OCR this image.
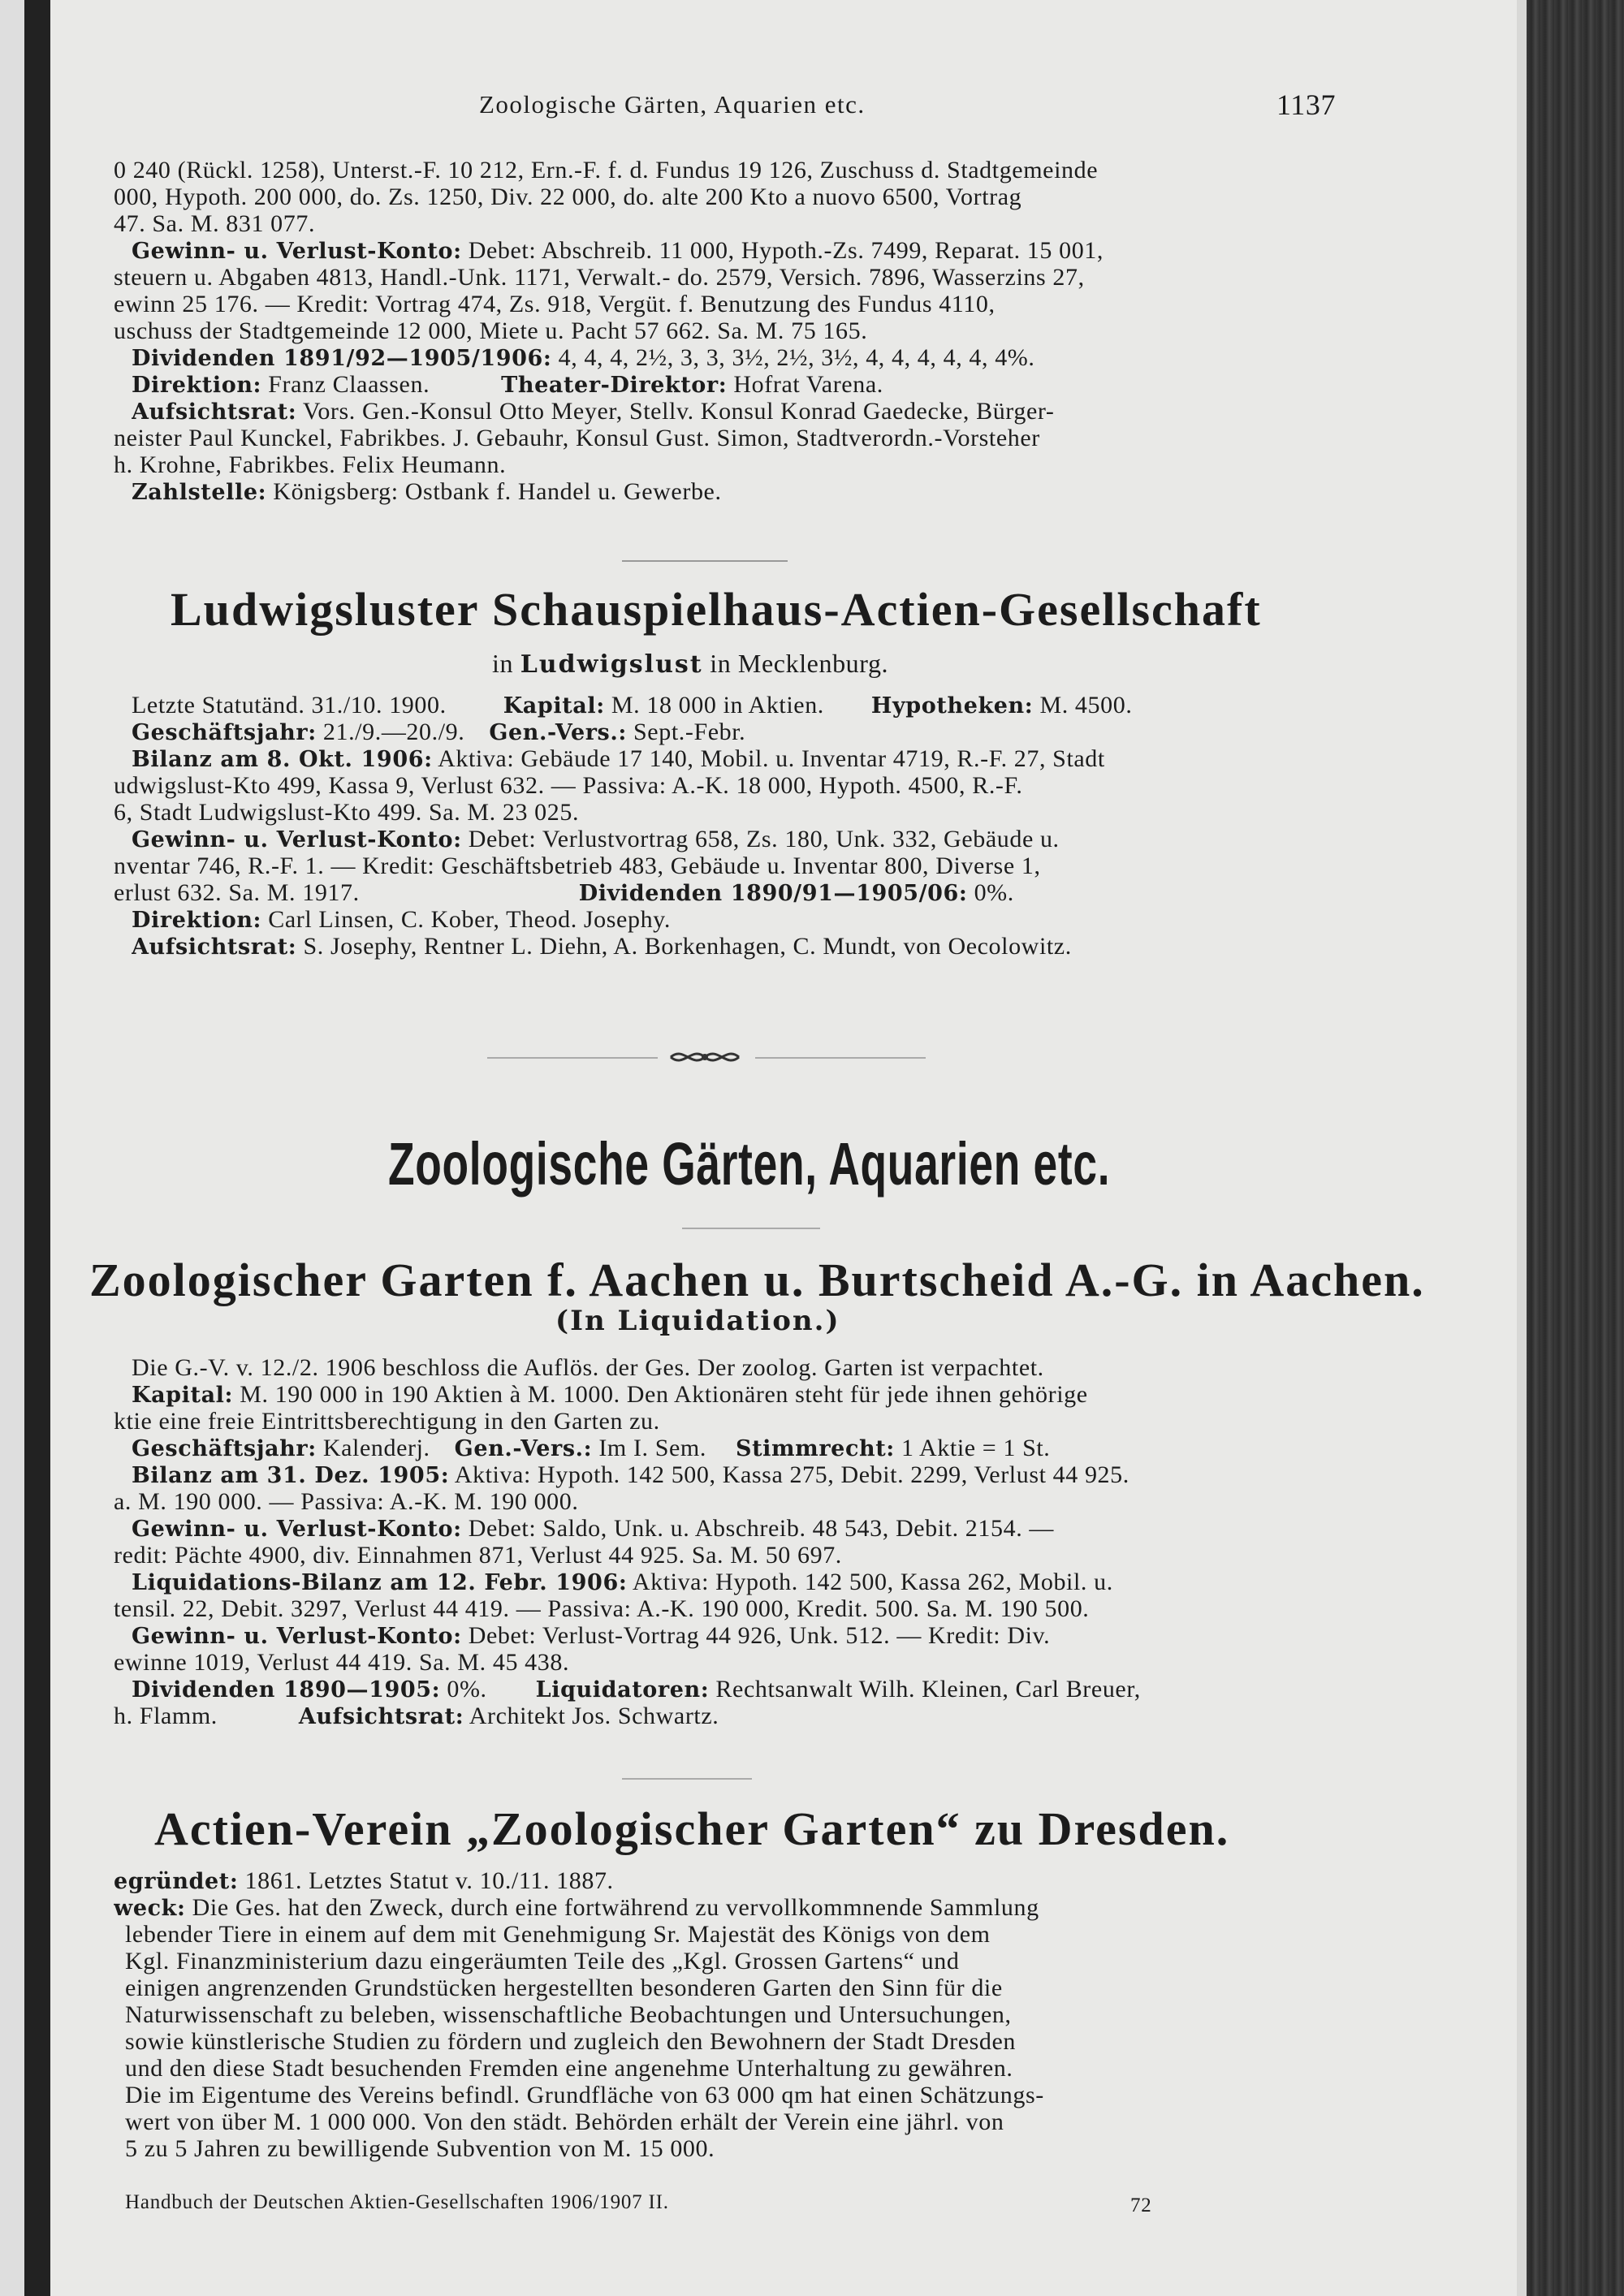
Zoologische Gärten, Aquarien etc.	1137
0 240 (Rückl. 1258), Unterst.-F. 10 212, Ern.-F. f. d. Fundus 19 126, Zuschuss d. Stadtgemeinde
000, Hypoth. 200 000, do. Zs. 1250, Div. 22 000, do. alte 200 Kto a nuovo 6500, Vortrag
47. Sa. M. 831 077.
Gewinn- u. Verlust-Konto: Debet: Abschreib. 11 000, Hypoth.-Zs. 7499, Reparat. 15 001,
steuern u. Abgaben 4813, Handl.-Unk. 1171, Verwalt.- do. 2579, Versich. 7896, Wasserzins 27,
ewinn 25 176. — Kredit: Vortrag 474, Zs. 918, Vergüt. f. Benutzung des Fundus 4110,
uschuss der Stadtgemeinde 12 000, Miete u. Pacht 57 662. Sa. M. 75 165.
Dividenden 1891/92—1905/1906: 4, 4, 4, 2½, 3, 3, 3½, 2½, 3½, 4, 4, 4, 4, 4, 4%.
Direktion: Franz Claassen.	Theater-Direktor: Hofrat Varena.
Aufsichtsrat: Vors. Gen.-Konsul Otto Meyer, Stellv. Konsul Konrad Gaedecke, Bürger-
neister Paul Kunckel, Fabrikbes. J. Gebauhr, Konsul Gust. Simon, Stadtverordn.-Vorsteher
h. Krohne, Fabrikbes. Felix Heumann.
Zahlstelle: Königsberg: Ostbank f. Handel u. Gewerbe.
Ludwigsluster Schauspielhaus-Actien-Gesellschaft
in Ludwigslust in Mecklenburg.
Letzte Statutänd. 31./10. 1900.	Kapital: M. 18 000 in Aktien. Hypotheken: M. 4500.
Geschäftsjahr: 21./9.—20./9. Gen.-Vers.: Sept.-Febr.
Bilanz am 8. Okt. 1906: Aktiva: Gebäude 17 140, Mobil. u. Inventar 4719, R.-F. 27, Stadt
udwigslust-Kto 499, Kassa 9, Verlust 632. — Passiva: A.-K. 18 000, Hypoth. 4500, R.-F.
6, Stadt Ludwigslust-Kto 499. Sa. M. 23 025.
Gewinn- u. Verlust-Konto: Debet: Verlustvortrag 658, Zs. 180, Unk. 332, Gebäude u.
nventar 746, R.-F. 1. — Kredit: Geschäftsbetrieb 483, Gebäude u. Inventar 800, Diverse 1,
erlust 632. Sa. M. 1917.	Dividenden 1890/91—1905/06: 0%.
Direktion: Carl Linsen, C. Kober, Theod. Josephy.
Aufsichtsrat: S. Josephy, Rentner L. Diehn, A. Borkenhagen, C. Mundt, von Oecolowitz.
Zoologische Gärten, Aquarien etc.
Zoologischer Garten f. Aachen u. Burtscheid A.-G. in Aachen.
(In Liquidation.)
Die G.-V. v. 12./2. 1906 beschloss die Auflös. der Ges. Der zoolog. Garten ist verpachtet.
Kapital: M. 190 000 in 190 Aktien à M. 1000. Den Aktionären steht für jede ihnen gehörige
ktie eine freie Eintrittsberechtigung in den Garten zu.
Geschäftsjahr: Kalenderj. Gen.-Vers.: Im I. Sem. Stimmrecht: 1 Aktie = 1 St.
Bilanz am 31. Dez. 1905: Aktiva: Hypoth. 142 500, Kassa 275, Debit. 2299, Verlust 44 925.
a. M. 190 000. — Passiva: A.-K. M. 190 000.
Gewinn- u. Verlust-Konto: Debet: Saldo, Unk. u. Abschreib. 48 543, Debit. 2154. —
redit: Pächte 4900, div. Einnahmen 871, Verlust 44 925. Sa. M. 50 697.
Liquidations-Bilanz am 12. Febr. 1906: Aktiva: Hypoth. 142 500, Kassa 262, Mobil. u.
tensil. 22, Debit. 3297, Verlust 44 419. — Passiva: A.-K. 190 000, Kredit. 500. Sa. M. 190 500.
Gewinn- u. Verlust-Konto: Debet: Verlust-Vortrag 44 926, Unk. 512. — Kredit: Div.
ewinne 1019, Verlust 44 419. Sa. M. 45 438.
Dividenden 1890—1905: 0%. Liquidatoren: Rechtsanwalt Wilh. Kleinen, Carl Breuer,
h. Flamm.	Aufsichtsrat: Architekt Jos. Schwartz.
Actien-Verein „Zoologischer Garten“ zu Dresden.
egründet: 1861. Letztes Statut v. 10./11. 1887.
weck: Die Ges. hat den Zweck, durch eine fortwährend zu vervollkommnende Sammlung
lebender Tiere in einem auf dem mit Genehmigung Sr. Majestät des Königs von dem
Kgl. Finanzministerium dazu eingeräumten Teile des „Kgl. Grossen Gartens“ und
einigen angrenzenden Grundstücken hergestellten besonderen Garten den Sinn für die
Naturwissenschaft zu beleben, wissenschaftliche Beobachtungen und Untersuchungen,
sowie künstlerische Studien zu fördern und zugleich den Bewohnern der Stadt Dresden
und den diese Stadt besuchenden Fremden eine angenehme Unterhaltung zu gewähren.
Die im Eigentume des Vereins befindl. Grundfläche von 63 000 qm hat einen Schätzungs-
wert von über M. 1 000 000. Von den städt. Behörden erhält der Verein eine jährl. von
5 zu 5 Jahren zu bewilligende Subvention von M. 15 000.
Handbuch der Deutschen Aktien-Gesellschaften 1906/1907 II.	72
